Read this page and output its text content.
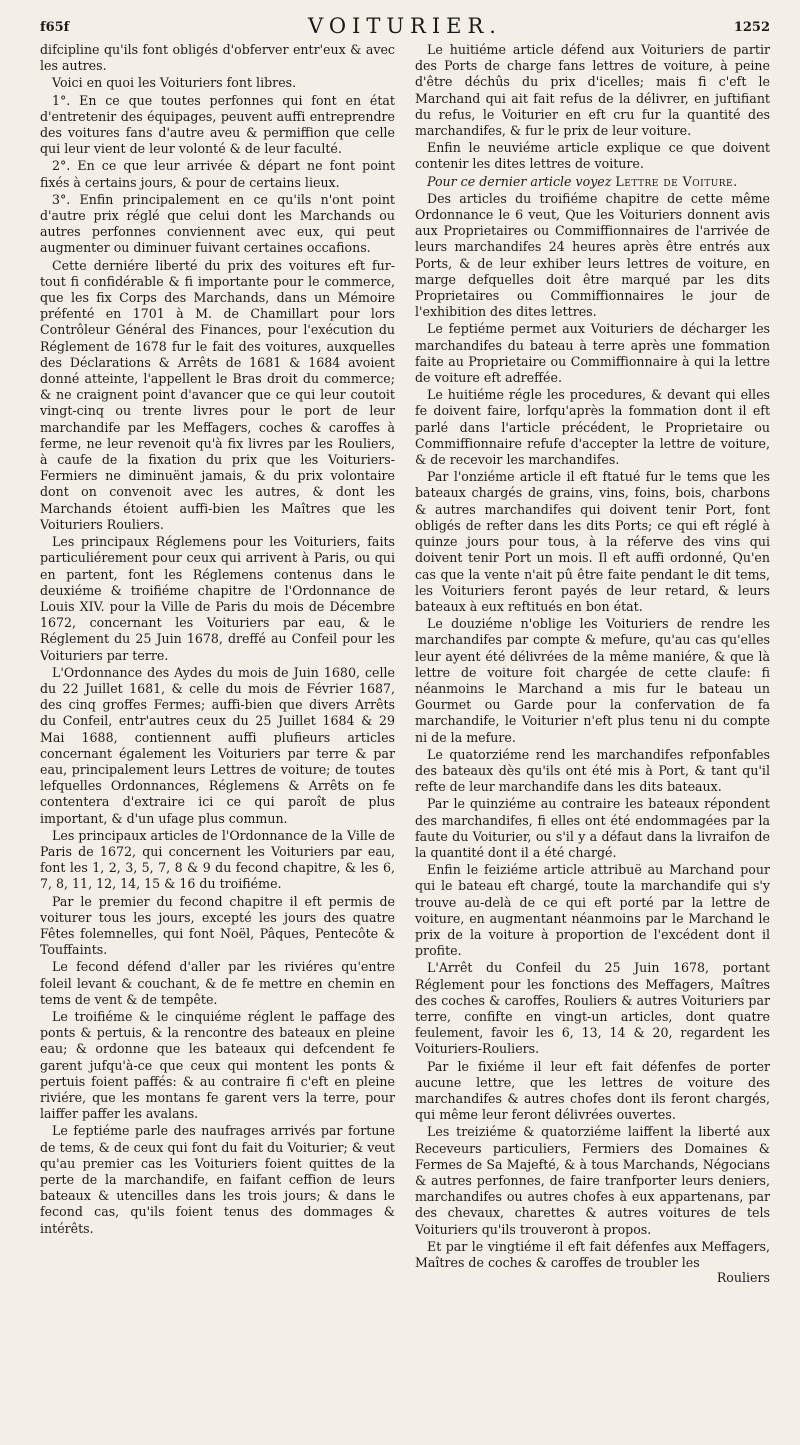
f65f	VOITURIER.	1252

difcipline qu'ils font obligés d'obferver entr'eux & avec les autres.

Voici en quoi les Voituriers font libres.

1°. En ce que toutes perfonnes qui font en état d'entretenir des équipages, peuvent auffi entreprendre des voitures fans d'autre aveu & permiffion que celle qui leur vient de leur volonté & de leur faculté.

2°. En ce que leur arrivée & départ ne font point fixés à certains jours, & pour de certains lieux.

3°. Enfin principalement en ce qu'ils n'ont point d'autre prix réglé que celui dont les Marchands ou autres perfonnes conviennent avec eux, qui peut augmenter ou diminuer fuivant certaines occafions.

Cette derniére liberté du prix des voitures eft fur-tout fi confidérable & fi importante pour le commerce, que les fix Corps des Marchands, dans un Mémoire préfenté en 1701 à M. de Chamillart pour lors Contrôleur Général des Finances, pour l'exécution du Réglement de 1678 fur le fait des voitures, auxquelles des Déclarations & Arrêts de 1681 & 1684 avoient donné atteinte, l'appellent le Bras droit du commerce; & ne craignent point d'avancer que ce qui leur coutoit vingt-cinq ou trente livres pour le port de leur marchandife par les Meffagers, coches & caroffes à ferme, ne leur revenoit qu'à fix livres par les Rouliers, à caufe de la fixation du prix que les Voituriers-Fermiers ne diminuënt jamais, & du prix volontaire dont on convenoit avec les autres, & dont les Marchands étoient auffi-bien les Maîtres que les Voituriers Rouliers.

Les principaux Réglemens pour les Voituriers, faits particuliérement pour ceux qui arrivent à Paris, ou qui en partent, font les Réglemens contenus dans le deuxiéme & troifiéme chapitre de l'Ordonnance de Louis XIV. pour la Ville de Paris du mois de Décembre 1672, concernant les Voituriers par eau, & le Réglement du 25 Juin 1678, dreffé au Confeil pour les Voituriers par terre.

L'Ordonnance des Aydes du mois de Juin 1680, celle du 22 Juillet 1681, & celle du mois de Février 1687, des cinq groffes Fermes; auffi-bien que divers Arrêts du Confeil, entr'autres ceux du 25 Juillet 1684 & 29 Mai 1688, contiennent auffi plufieurs articles concernant également les Voituriers par terre & par eau, principalement leurs Lettres de voiture; de toutes lefquelles Ordonnances, Réglemens & Arrêts on fe contentera d'extraire ici ce qui paroît de plus important, & d'un ufage plus commun.

Les principaux articles de l'Ordonnance de la Ville de Paris de 1672, qui concernent les Voituriers par eau, font les 1, 2, 3, 5, 7, 8 & 9 du fecond chapitre, & les 6, 7, 8, 11, 12, 14, 15 & 16 du troifiéme.

Par le premier du fecond chapitre il eft permis de voiturer tous les jours, excepté les jours des quatre Fêtes folemnelles, qui font Noël, Pâques, Pentecôte & Touffaints.

Le fecond défend d'aller par les riviéres qu'entre foleil levant & couchant, & de fe mettre en chemin en tems de vent & de tempête.

Le troifiéme & le cinquiéme réglent le paffage des ponts & pertuis, & la rencontre des bateaux en pleine eau; & ordonne que les bateaux qui defcendent fe garent jufqu'à-ce que ceux qui montent les ponts & pertuis foient paffés: & au contraire fi c'eft en pleine riviére, que les montans fe garent vers la terre, pour laiffer paffer les avalans.

Le feptiéme parle des naufrages arrivés par fortune de tems, & de ceux qui font du fait du Voiturier; & veut qu'au premier cas les Voituriers foient quittes de la perte de la marchandife, en faifant ceffion de leurs bateaux & utencilles dans les trois jours; & dans le fecond cas, qu'ils foient tenus des dommages & intérêts.

Le huitiéme article défend aux Voituriers de partir des Ports de charge fans lettres de voiture, à peine d'être déchûs du prix d'icelles; mais fi c'eft le Marchand qui ait fait refus de la délivrer, en juftifiant du refus, le Voiturier en eft cru fur la quantité des marchandifes, & fur le prix de leur voiture.

Enfin le neuviéme article explique ce que doivent contenir les dites lettres de voiture.

Pour ce dernier article voyez Lettre de Voiture.

Des articles du troifiéme chapitre de cette même Ordonnance le 6 veut, Que les Voituriers donnent avis aux Proprietaires ou Commiffionnaires de l'arrivée de leurs marchandifes 24 heures après être entrés aux Ports, & de leur exhiber leurs lettres de voiture, en marge defquelles doit être marqué par les dits Proprietaires ou Commiffionnaires le jour de l'exhibition des dites lettres.

Le feptiéme permet aux Voituriers de décharger les marchandifes du bateau à terre après une fommation faite au Proprietaire ou Commiffionnaire à qui la lettre de voiture eft adreffée.

Le huitiéme régle les procedures, & devant qui elles fe doivent faire, lorfqu'après la fommation dont il eft parlé dans l'article précédent, le Proprietaire ou Commiffionnaire refufe d'accepter la lettre de voiture, & de recevoir les marchandifes.

Par l'onziéme article il eft ftatué fur le tems que les bateaux chargés de grains, vins, foins, bois, charbons & autres marchandifes qui doivent tenir Port, font obligés de refter dans les dits Ports; ce qui eft réglé à quinze jours pour tous, à la réferve des vins qui doivent tenir Port un mois. Il eft auffi ordonné, Qu'en cas que la vente n'ait pû être faite pendant le dit tems, les Voituriers feront payés de leur retard, & leurs bateaux à eux reftitués en bon état.

Le douziéme n'oblige les Voituriers de rendre les marchandifes par compte & mefure, qu'au cas qu'elles leur ayent été délivrées de la même maniére, & que là lettre de voiture foit chargée de cette claufe: fi néanmoins le Marchand a mis fur le bateau un Gourmet ou Garde pour la confervation de fa marchandife, le Voiturier n'eft plus tenu ni du compte ni de la mefure.

Le quatorziéme rend les marchandifes refponfables des bateaux dès qu'ils ont été mis à Port, & tant qu'il refte de leur marchandife dans les dits bateaux.

Par le quinziéme au contraire les bateaux répondent des marchandifes, fi elles ont été endommagées par la faute du Voiturier, ou s'il y a défaut dans la livraifon de la quantité dont il a été chargé.

Enfin le feiziéme article attribuë au Marchand pour qui le bateau eft chargé, toute la marchandife qui s'y trouve au-delà de ce qui eft porté par la lettre de voiture, en augmentant néanmoins par le Marchand le prix de la voiture à proportion de l'excédent dont il profite.

L'Arrêt du Confeil du 25 Juin 1678, portant Réglement pour les fonctions des Meffagers, Maîtres des coches & caroffes, Rouliers & autres Voituriers par terre, confifte en vingt-un articles, dont quatre feulement, favoir les 6, 13, 14 & 20, regardent les Voituriers-Rouliers.

Par le fixiéme il leur eft fait défenfes de porter aucune lettre, que les lettres de voiture des marchandifes & autres chofes dont ils feront chargés, qui même leur feront délivrées ouvertes.

Les treiziéme & quatorziéme laiffent la liberté aux Receveurs particuliers, Fermiers des Domaines & Fermes de Sa Majefté, & à tous Marchands, Négocians & autres perfonnes, de faire tranfporter leurs deniers, marchandifes ou autres chofes à eux appartenans, par des chevaux, charettes & autres voitures de tels Voituriers qu'ils trouveront à propos.

Et par le vingtiéme il eft fait défenfes aux Meffagers, Maîtres de coches & caroffes de troubler les

Rouliers
